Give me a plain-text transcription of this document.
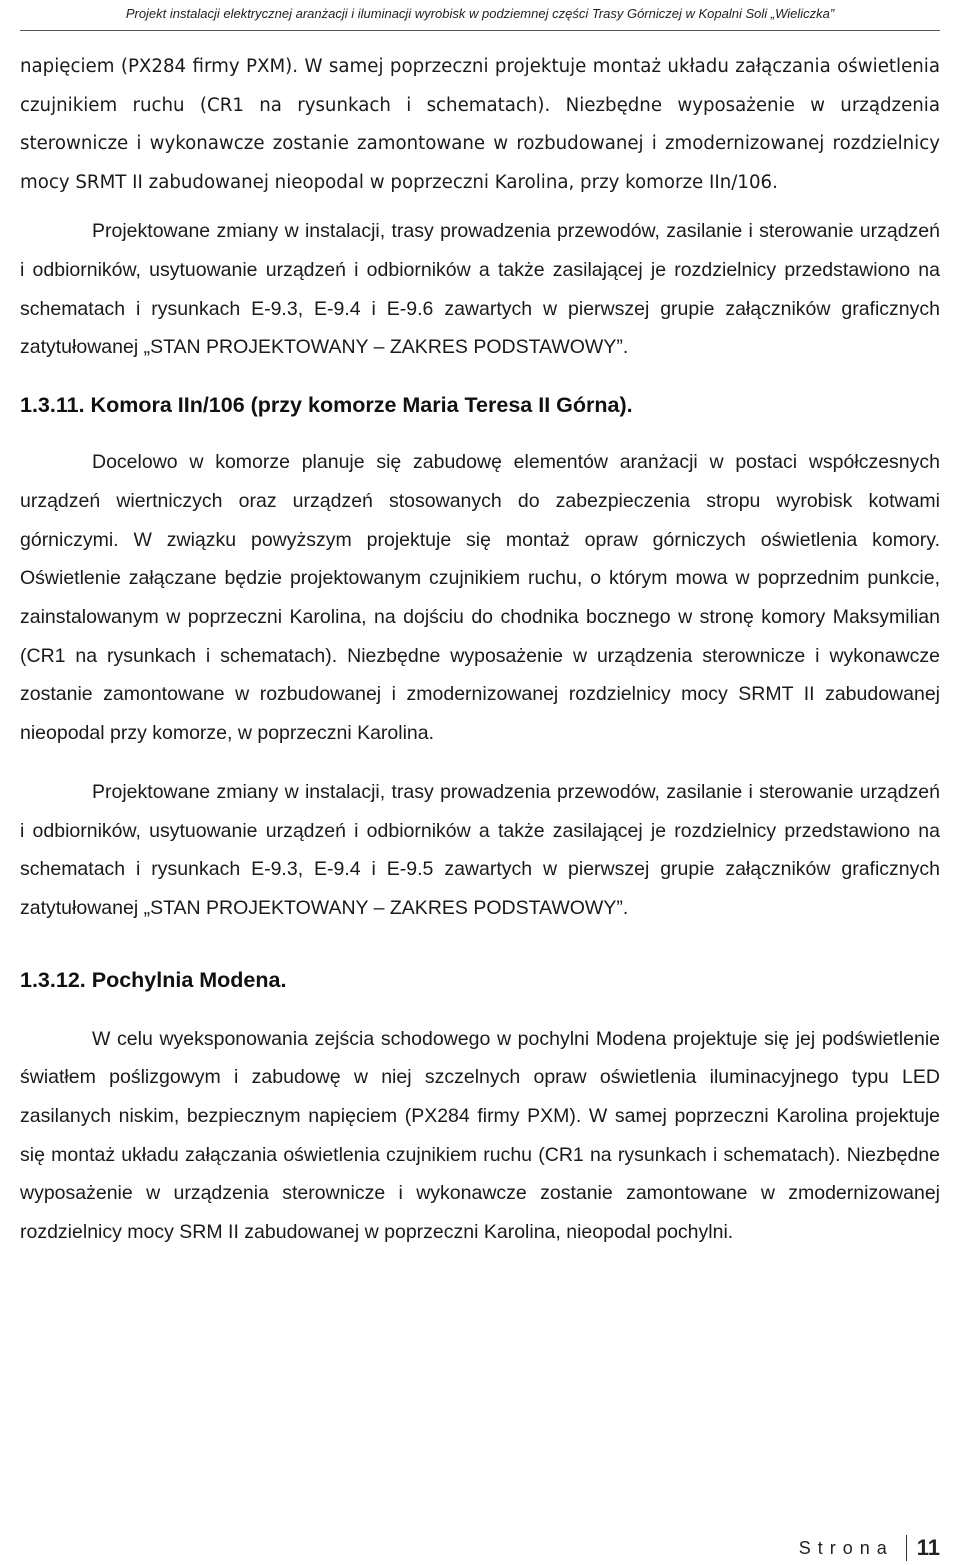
Projekt instalacji elektrycznej aranżacji i iluminacji wyrobisk w podziemnej części Trasy Górniczej w Kopalni Soli „Wieliczka”

napięciem (PX284 firmy PXM). W samej poprzeczni projektuje montaż układu załączania oświetlenia czujnikiem ruchu (CR1 na rysunkach i schematach). Niezbędne wyposażenie w urządzenia sterownicze i wykonawcze zostanie zamontowane w rozbudowanej i zmodernizowanej rozdzielnicy mocy SRMT II zabudowanej nieopodal w poprzeczni Karolina, przy komorze IIn/106.

Projektowane zmiany w instalacji, trasy prowadzenia przewodów, zasilanie i sterowanie urządzeń i odbiorników, usytuowanie urządzeń i odbiorników a także zasilającej je rozdzielnicy przedstawiono na schematach i rysunkach E-9.3, E-9.4 i E-9.6 zawartych w pierwszej grupie załączników graficznych zatytułowanej „STAN PROJEKTOWANY – ZAKRES PODSTAWOWY”.

1.3.11. Komora IIn/106 (przy komorze Maria Teresa II Górna).

Docelowo w komorze planuje się zabudowę elementów aranżacji w postaci współczesnych urządzeń wiertniczych oraz urządzeń stosowanych do zabezpieczenia stropu wyrobisk kotwami górniczymi. W związku powyższym projektuje się montaż opraw górniczych oświetlenia komory. Oświetlenie załączane będzie projektowanym czujnikiem ruchu, o którym mowa w poprzednim punkcie, zainstalowanym w poprzeczni Karolina, na dojściu do chodnika bocznego w stronę komory Maksymilian (CR1 na rysunkach i schematach). Niezbędne wyposażenie w urządzenia sterownicze i wykonawcze zostanie zamontowane w rozbudowanej i zmodernizowanej rozdzielnicy mocy SRMT II zabudowanej nieopodal przy komorze, w poprzeczni Karolina.

Projektowane zmiany w instalacji, trasy prowadzenia przewodów, zasilanie i sterowanie urządzeń i odbiorników, usytuowanie urządzeń i odbiorników a także zasilającej je rozdzielnicy przedstawiono na schematach i rysunkach E-9.3, E-9.4 i E-9.5 zawartych w pierwszej grupie załączników graficznych zatytułowanej „STAN PROJEKTOWANY – ZAKRES PODSTAWOWY”.

1.3.12. Pochylnia Modena.

W celu wyeksponowania zejścia schodowego w pochylni Modena projektuje się jej podświetlenie światłem poślizgowym i zabudowę w niej szczelnych opraw oświetlenia iluminacyjnego typu LED zasilanych niskim, bezpiecznym napięciem (PX284 firmy PXM). W samej poprzeczni Karolina projektuje się montaż układu załączania oświetlenia czujnikiem ruchu (CR1 na rysunkach i schematach). Niezbędne wyposażenie w urządzenia sterownicze i wykonawcze zostanie zamontowane w zmodernizowanej rozdzielnicy mocy SRM II zabudowanej w poprzeczni Karolina, nieopodal pochylni.

Strona	11
